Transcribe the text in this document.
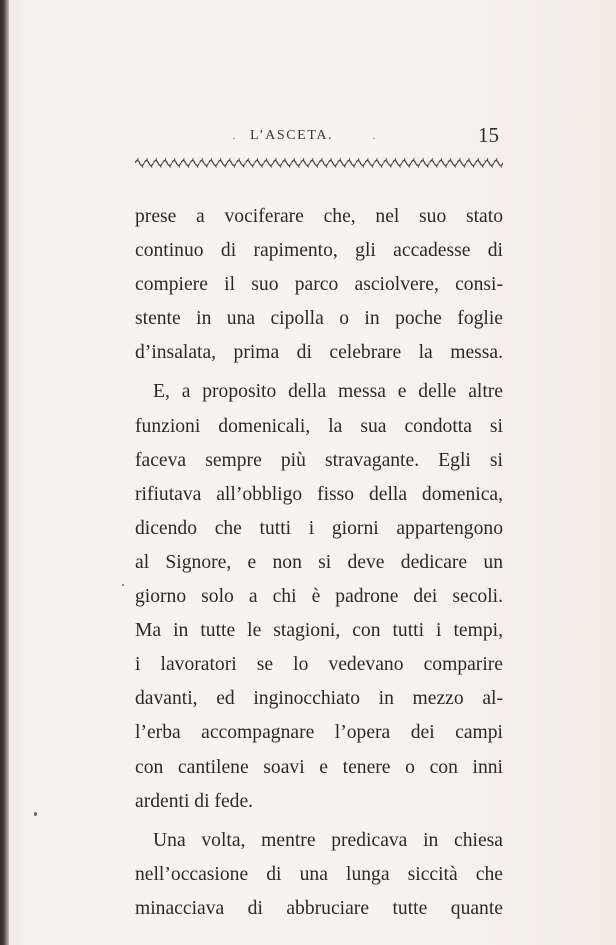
· L’ASCETA.	·	15

prese a vociferare che, nel suo stato
continuo di rapimento, gli accadesse di
compiere il suo parco asciolvere, consi-
stente in una cipolla o in poche foglie
d’insalata, prima di celebrare la messa.

E, a proposito della messa e delle altre
funzioni domenicali, la sua condotta si
faceva sempre più stravagante. Egli si
rifiutava all’obbligo fisso della domenica,
dicendo che tutti i giorni appartengono
al Signore, e non si deve dedicare un
giorno solo a chi è padrone dei secoli.
Ma in tutte le stagioni, con tutti i tempi,
i lavoratori se lo vedevano comparire
davanti, ed inginocchiato in mezzo al-
l’erba accompagnare l’opera dei campi
con cantilene soavi e tenere o con inni
ardenti di fede.

Una volta, mentre predicava in chiesa
nell’occasione di una lunga siccità che
minacciava di abbruciare tutte quante
